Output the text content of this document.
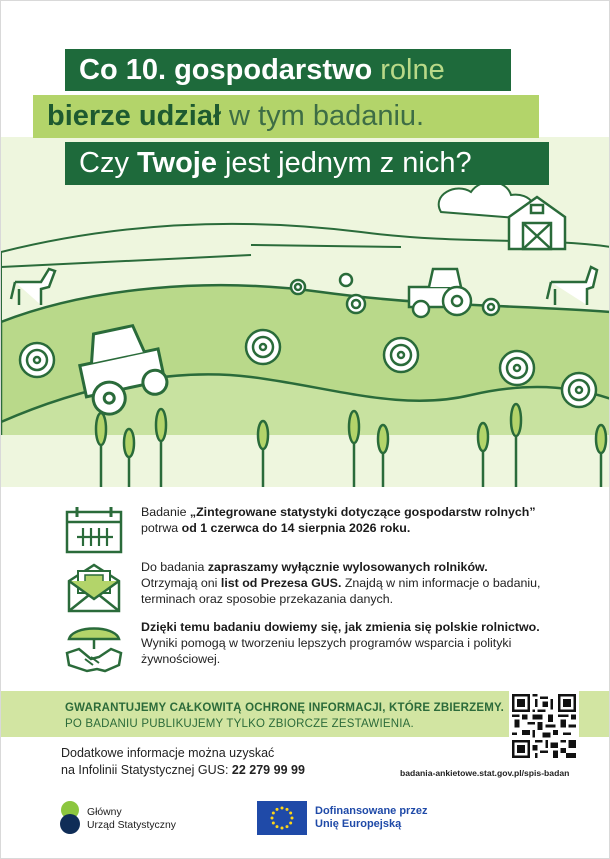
Co 10. gospodarstwo rolne
bierze udział w tym badaniu.
Czy Twoje jest jednym z nich?
Badanie „Zintegrowane statystyki dotyczące gospodarstw rolnych”
potrwa od 1 czerwca do 14 sierpnia 2026 roku.
Do badania zapraszamy wyłącznie wylosowanych rolników.
Otrzymają oni list od Prezesa GUS. Znajdą w nim informacje o badaniu,
terminach oraz sposobie przekazania danych.
Dzięki temu badaniu dowiemy się, jak zmienia się polskie rolnictwo.
Wyniki pomogą w tworzeniu lepszych programów wsparcia i polityki
żywnościowej.

GWARANTUJEMY CAŁKOWITĄ OCHRONĘ INFORMACJI, KTÓRE ZBIERZEMY.

PO BADANIU PUBLIKUJEMY TYLKO ZBIORCZE ZESTAWIENIA.

Dodatkowe informacje można uzyskać
na Infolinii Statystycznej GUS: 22 279 99 99	badania-ankietowe.stat.gov.pl/spis-badan
Główny
Urząd Statystyczny
Dofinansowane przez
Unię Europejską
